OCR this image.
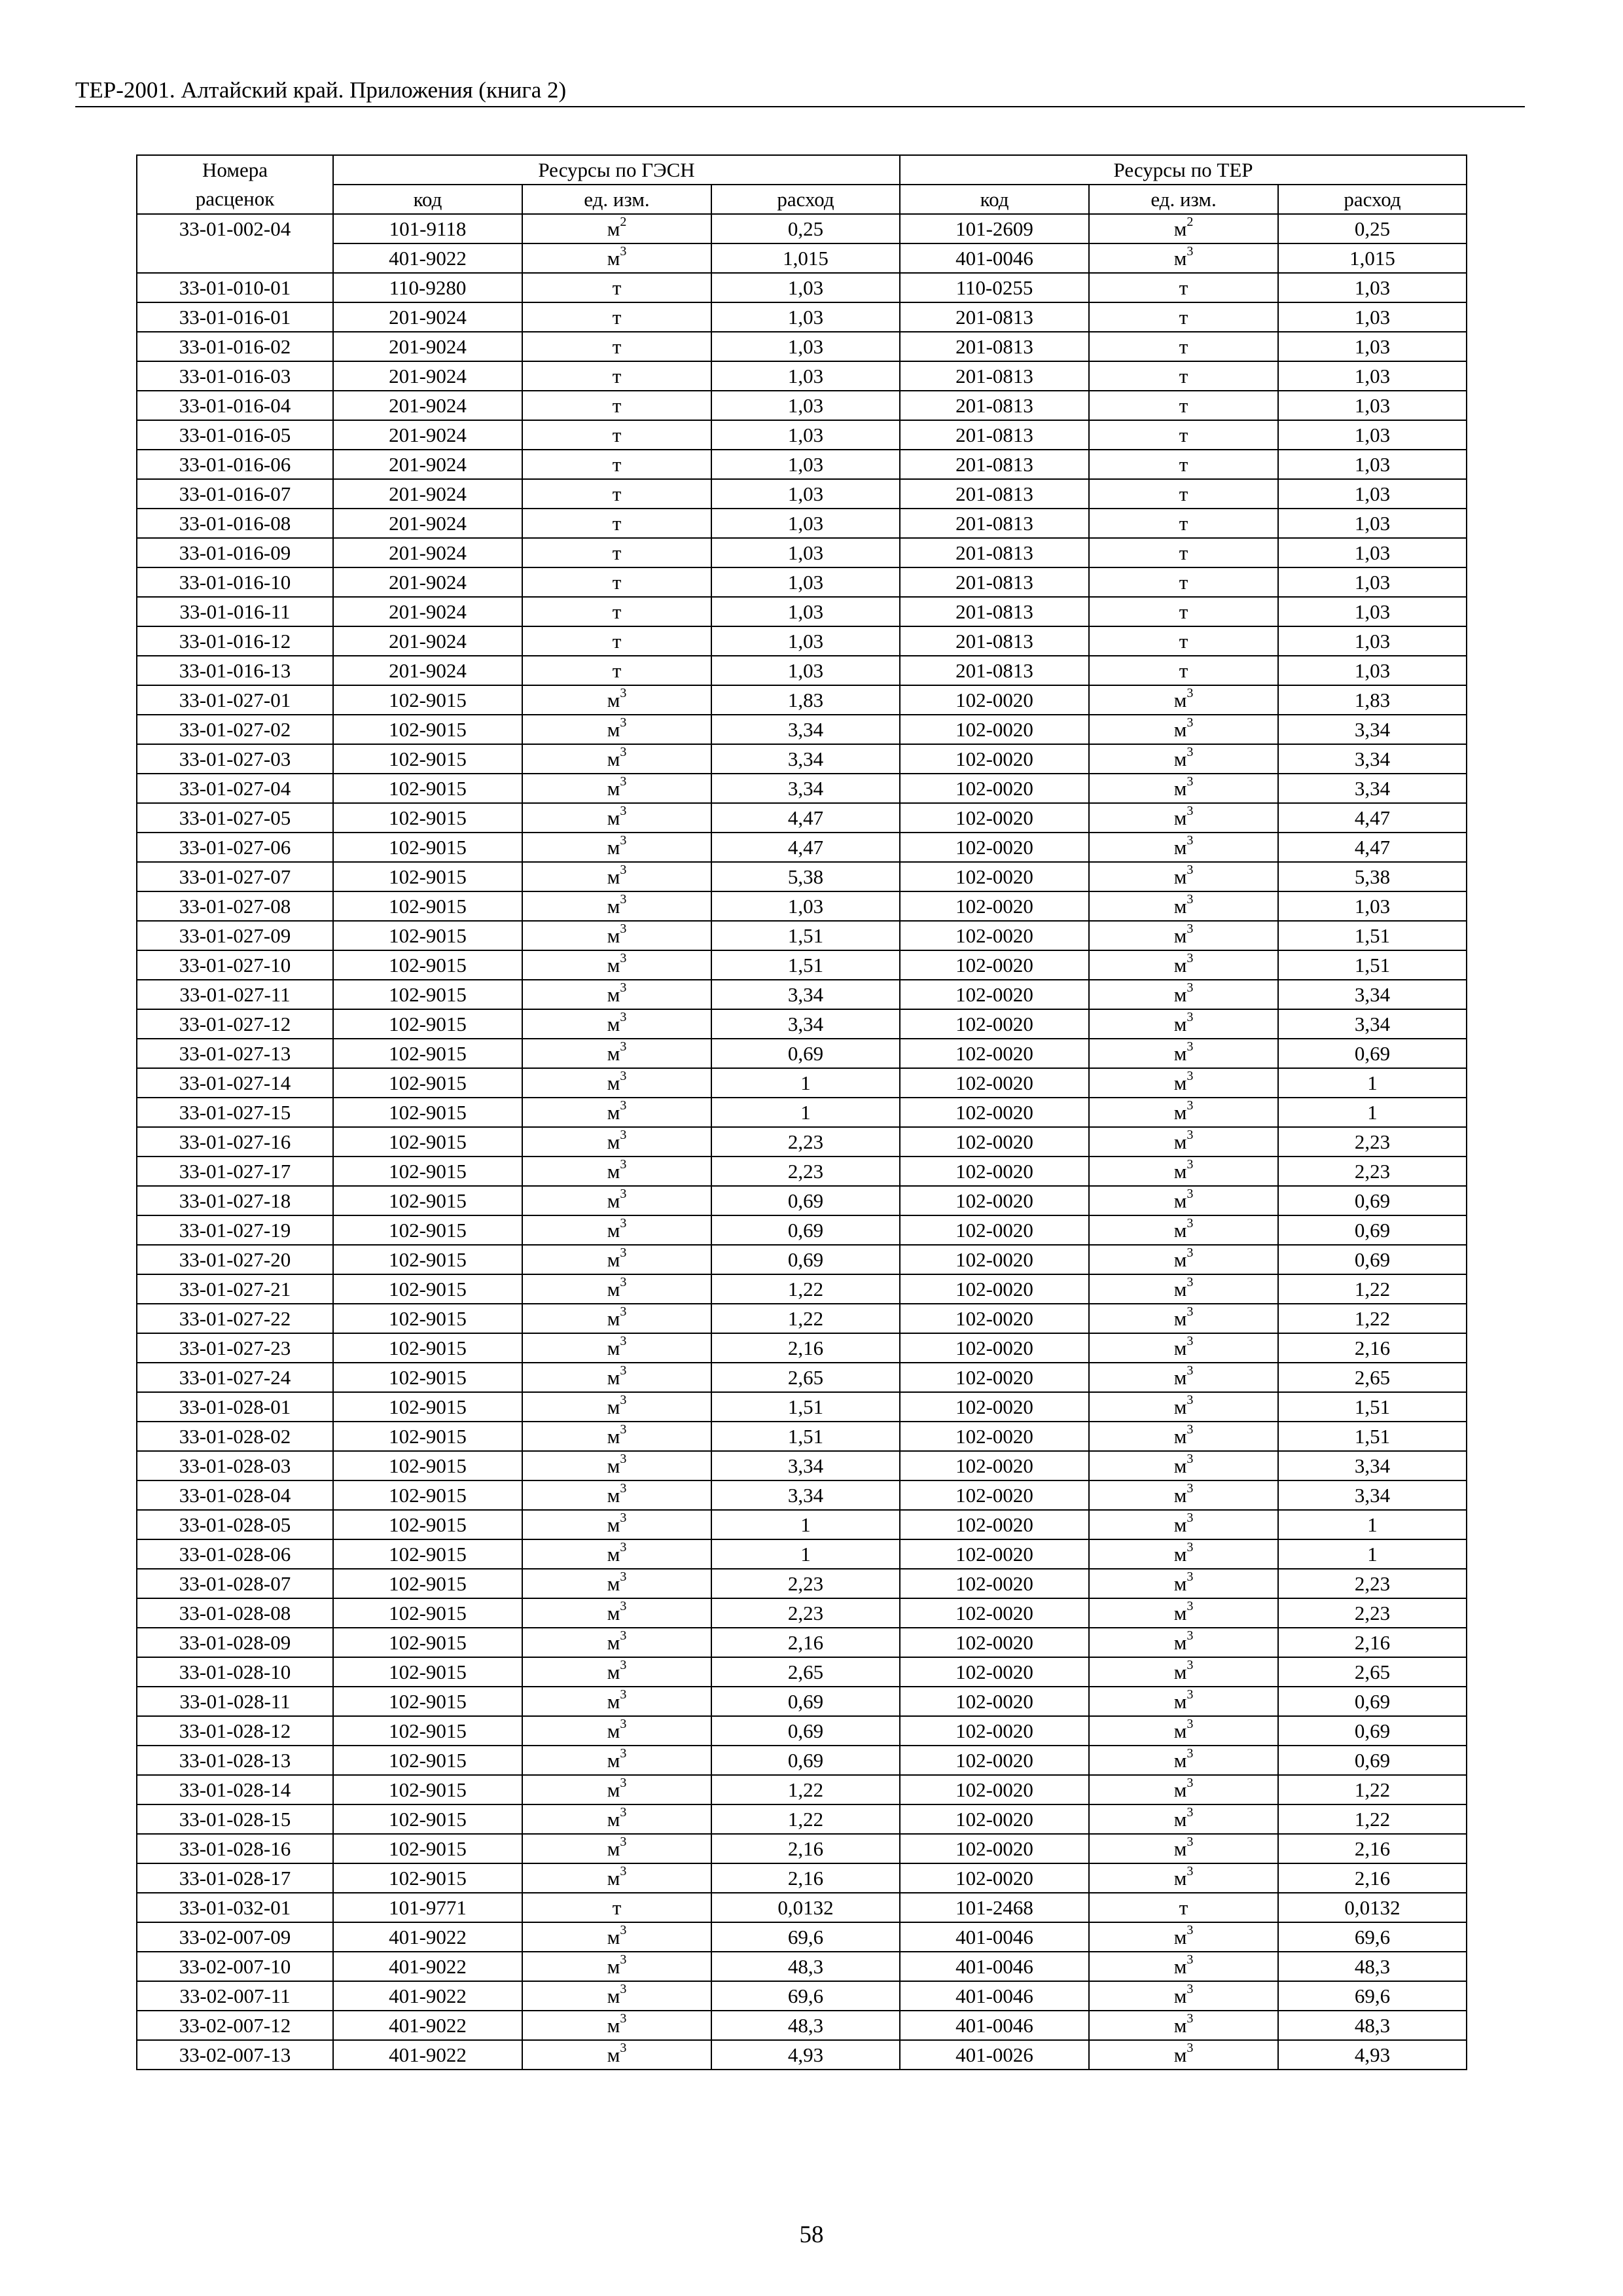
ТЕР-2001. Алтайский край. Приложения (книга 2)
Номера	Ресурсы по ГЭСН			Ресурсы по ТЕР		
расценок	код	ед. изм.	расход	код	ед. изм.	расход
33-01-002-04	101-9118	$м^2$	0,25	101-2609	$м^2$	0,25
	401-9022	$м^3$	1,015	401-0046	$м^3$	1,015
33-01-010-01	110-9280	т	1,03	110-0255	т	1,03
33-01-016-01	201-9024	т	1,03	201-0813	т	1,03
33-01-016-02	201-9024	т	1,03	201-0813	т	1,03
33-01-016-03	201-9024	т	1,03	201-0813	т	1,03
33-01-016-04	201-9024	т	1,03	201-0813	т	1,03
33-01-016-05	201-9024	т	1,03	201-0813	т	1,03
33-01-016-06	201-9024	т	1,03	201-0813	т	1,03
33-01-016-07	201-9024	т	1,03	201-0813	т	1,03
33-01-016-08	201-9024	т	1,03	201-0813	т	1,03
33-01-016-09	201-9024	т	1,03	201-0813	т	1,03
33-01-016-10	201-9024	т	1,03	201-0813	т	1,03
33-01-016-11	201-9024	т	1,03	201-0813	т	1,03
33-01-016-12	201-9024	т	1,03	201-0813	т	1,03
33-01-016-13	201-9024	т	1,03	201-0813	т	1,03
33-01-027-01	102-9015	$м^3$	1,83	102-0020	$м^3$	1,83
33-01-027-02	102-9015	$м^3$	3,34	102-0020	$м^3$	3,34
33-01-027-03	102-9015	$м^3$	3,34	102-0020	$м^3$	3,34
33-01-027-04	102-9015	$м^3$	3,34	102-0020	$м^3$	3,34
33-01-027-05	102-9015	$м^3$	4,47	102-0020	$м^3$	4,47
33-01-027-06	102-9015	$м^3$	4,47	102-0020	$м^3$	4,47
33-01-027-07	102-9015	$м^3$	5,38	102-0020	$м^3$	5,38
33-01-027-08	102-9015	$м^3$	1,03	102-0020	$м^3$	1,03
33-01-027-09	102-9015	$м^3$	1,51	102-0020	$м^3$	1,51
33-01-027-10	102-9015	$м^3$	1,51	102-0020	$м^3$	1,51
33-01-027-11	102-9015	$м^3$	3,34	102-0020	$м^3$	3,34
33-01-027-12	102-9015	$м^3$	3,34	102-0020	$м^3$	3,34
33-01-027-13	102-9015	$м^3$	0,69	102-0020	$м^3$	0,69
33-01-027-14	102-9015	$м^3$	1	102-0020	$м^3$	1
33-01-027-15	102-9015	$м^3$	1	102-0020	$м^3$	1
33-01-027-16	102-9015	$м^3$	2,23	102-0020	$м^3$	2,23
33-01-027-17	102-9015	$м^3$	2,23	102-0020	$м^3$	2,23
33-01-027-18	102-9015	$м^3$	0,69	102-0020	$м^3$	0,69
33-01-027-19	102-9015	$м^3$	0,69	102-0020	$м^3$	0,69
33-01-027-20	102-9015	$м^3$	0,69	102-0020	$м^3$	0,69
33-01-027-21	102-9015	$м^3$	1,22	102-0020	$м^3$	1,22
33-01-027-22	102-9015	$м^3$	1,22	102-0020	$м^3$	1,22
33-01-027-23	102-9015	$м^3$	2,16	102-0020	$м^3$	2,16
33-01-027-24	102-9015	$м^3$	2,65	102-0020	$м^3$	2,65
33-01-028-01	102-9015	$м^3$	1,51	102-0020	$м^3$	1,51
33-01-028-02	102-9015	$м^3$	1,51	102-0020	$м^3$	1,51
33-01-028-03	102-9015	$м^3$	3,34	102-0020	$м^3$	3,34
33-01-028-04	102-9015	$м^3$	3,34	102-0020	$м^3$	3,34
33-01-028-05	102-9015	$м^3$	1	102-0020	$м^3$	1
33-01-028-06	102-9015	$м^3$	1	102-0020	$м^3$	1
33-01-028-07	102-9015	$м^3$	2,23	102-0020	$м^3$	2,23
33-01-028-08	102-9015	$м^3$	2,23	102-0020	$м^3$	2,23
33-01-028-09	102-9015	$м^3$	2,16	102-0020	$м^3$	2,16
33-01-028-10	102-9015	$м^3$	2,65	102-0020	$м^3$	2,65
33-01-028-11	102-9015	$м^3$	0,69	102-0020	$м^3$	0,69
33-01-028-12	102-9015	$м^3$	0,69	102-0020	$м^3$	0,69
33-01-028-13	102-9015	$м^3$	0,69	102-0020	$м^3$	0,69
33-01-028-14	102-9015	$м^3$	1,22	102-0020	$м^3$	1,22
33-01-028-15	102-9015	$м^3$	1,22	102-0020	$м^3$	1,22
33-01-028-16	102-9015	$м^3$	2,16	102-0020	$м^3$	2,16
33-01-028-17	102-9015	$м^3$	2,16	102-0020	$м^3$	2,16
33-01-032-01	101-9771	т	0,0132	101-2468	т	0,0132
33-02-007-09	401-9022	$м^3$	69,6	401-0046	$м^3$	69,6
33-02-007-10	401-9022	$м^3$	48,3	401-0046	$м^3$	48,3
33-02-007-11	401-9022	$м^3$	69,6	401-0046	$м^3$	69,6
33-02-007-12	401-9022	$м^3$	48,3	401-0046	$м^3$	48,3
33-02-007-13	401-9022	$м^3$	4,93	401-0026	$м^3$	4,93
58
